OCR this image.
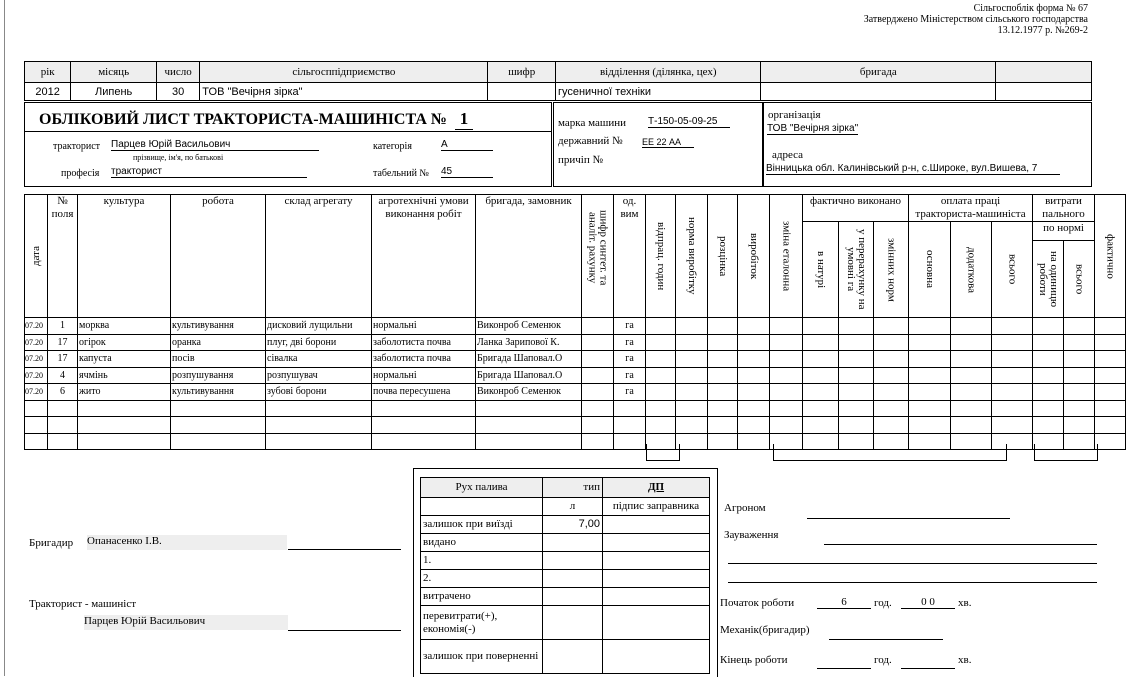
Сільгоспоблік форма № 67
Затверджено Міністерством сільського господарства
13.12.1977 р. №269-2
рік	місяць	число	сільгосппідприємство	шифр	відділення (ділянка, цех)	бригада	
2012	Липень	30	ТОВ "Вечірня зірка"		гусеничної техніки		
ОБЛІКОВИЙ ЛИСТ ТРАКТОРИСТА-МАШИНІСТА № 1
тракторист Парцев Юрій Васильович
прізвище, ім'я, по батькові
професія тракторист
категорія	А
табельний № 45
марка машини Т-150-05-09-25
державний № ЕЕ 22 АА
причіп №
організація
ТОВ "Вечірня зірка"
адреса
Вінницька обл. Калинівський р-н, с.Широке, вул.Вишева, 7
дата	№ поля	культура	робота	склад агрегату	агротехнічні умови виконання робіт	бригада, замовник	шифр синтет. та аналіт. рахунку	од. вим	відпрац. годин	норма виробітку	розцінка	виробіток	зміна еталонна	фактично виконано			оплата праці тракториста-машиніста			витрати пального		фактично

														в натурі	у перерахунку на умовні га	змінних норм	основна	додаткова	всього	по нормі		

																				на одиницю роботи	всього	

07.20	1	морква	культивування	дисковий лущильни	нормальні	Виконроб Семенюк		га														
07.20	17	огірок	оранка	плуг, дві борони	заболотиста почва	Ланка Зарипової К.		га														
07.20	17	капуста	посів	сівалка	заболотиста почва	Бригада Шаповал.О		га														
07.20	4	ячмінь	розпушування	розпушувач	нормальні	Бригада Шаповал.О		га														
07.20	6	жито	культивування	зубові борони	почва пересушена	Виконроб Семенюк		га														

Рух палива	тип	ДП
	л	підпис заправника
залишок при виїзді	7,00	
видано		
1.		
2.		
витрачено		
перевитрати(+), економія(-)		
залишок при поверненні		
Бригадир Опанасенко І.В.
Тракторист - машиніст
Парцев Юрій Васильович
Агроном
Зауваження
Початок роботи	6	год.	0 0	хв.
Механік(бригадир)
Кінець роботи	год.	хв.
